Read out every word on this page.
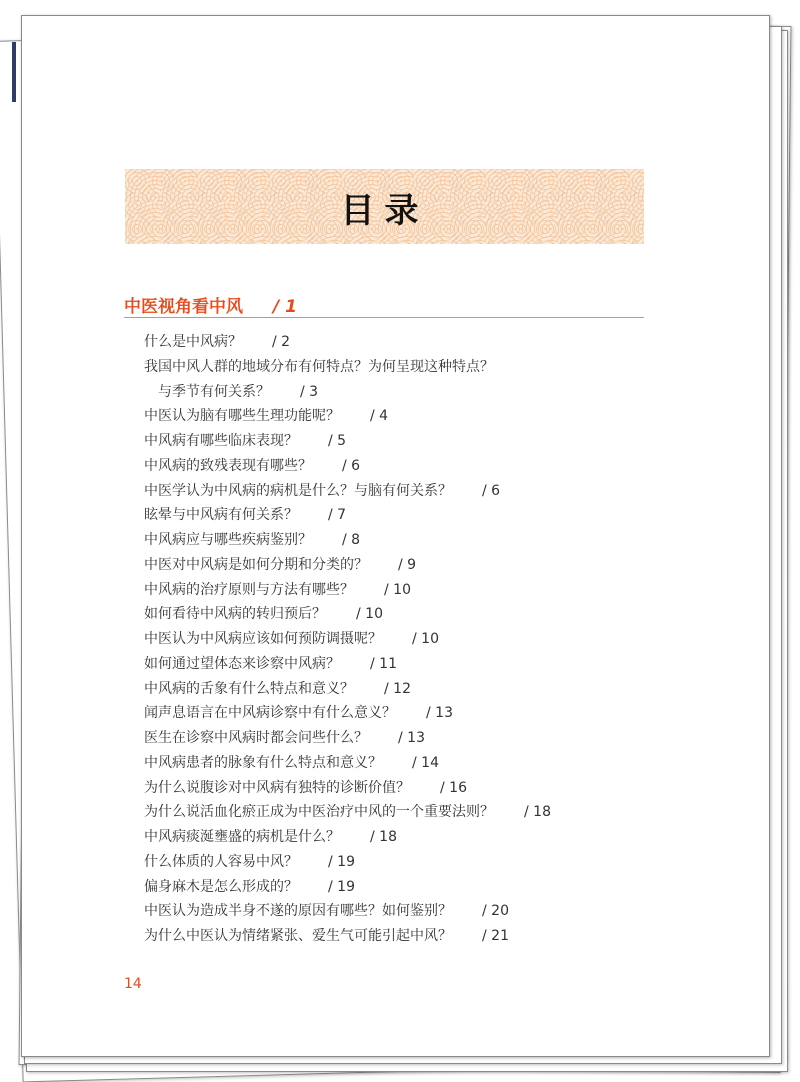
目录
中医视角看中风 / 1
什么是中风病？ / 2
我国中风人群的地域分布有何特点？为何呈现这种特点？
与季节有何关系？ / 3
中医认为脑有哪些生理功能呢？ / 4
中风病有哪些临床表现？ / 5
中风病的致残表现有哪些？ / 6
中医学认为中风病的病机是什么？与脑有何关系？ / 6
眩晕与中风病有何关系？ / 7
中风病应与哪些疾病鉴别？ / 8
中医对中风病是如何分期和分类的？ / 9
中风病的治疗原则与方法有哪些？ / 10
如何看待中风病的转归预后？ / 10
中医认为中风病应该如何预防调摄呢？ / 10
如何通过望体态来诊察中风病？ / 11
中风病的舌象有什么特点和意义？ / 12
闻声息语言在中风病诊察中有什么意义？ / 13
医生在诊察中风病时都会问些什么？ / 13
中风病患者的脉象有什么特点和意义？ / 14
为什么说腹诊对中风病有独特的诊断价值？ / 16
为什么说活血化瘀正成为中医治疗中风的一个重要法则？ / 18
中风病痰涎壅盛的病机是什么？ / 18
什么体质的人容易中风？ / 19
偏身麻木是怎么形成的？ / 19
中医认为造成半身不遂的原因有哪些？如何鉴别？ / 20
为什么中医认为情绪紧张、爱生气可能引起中风？ / 21
14
